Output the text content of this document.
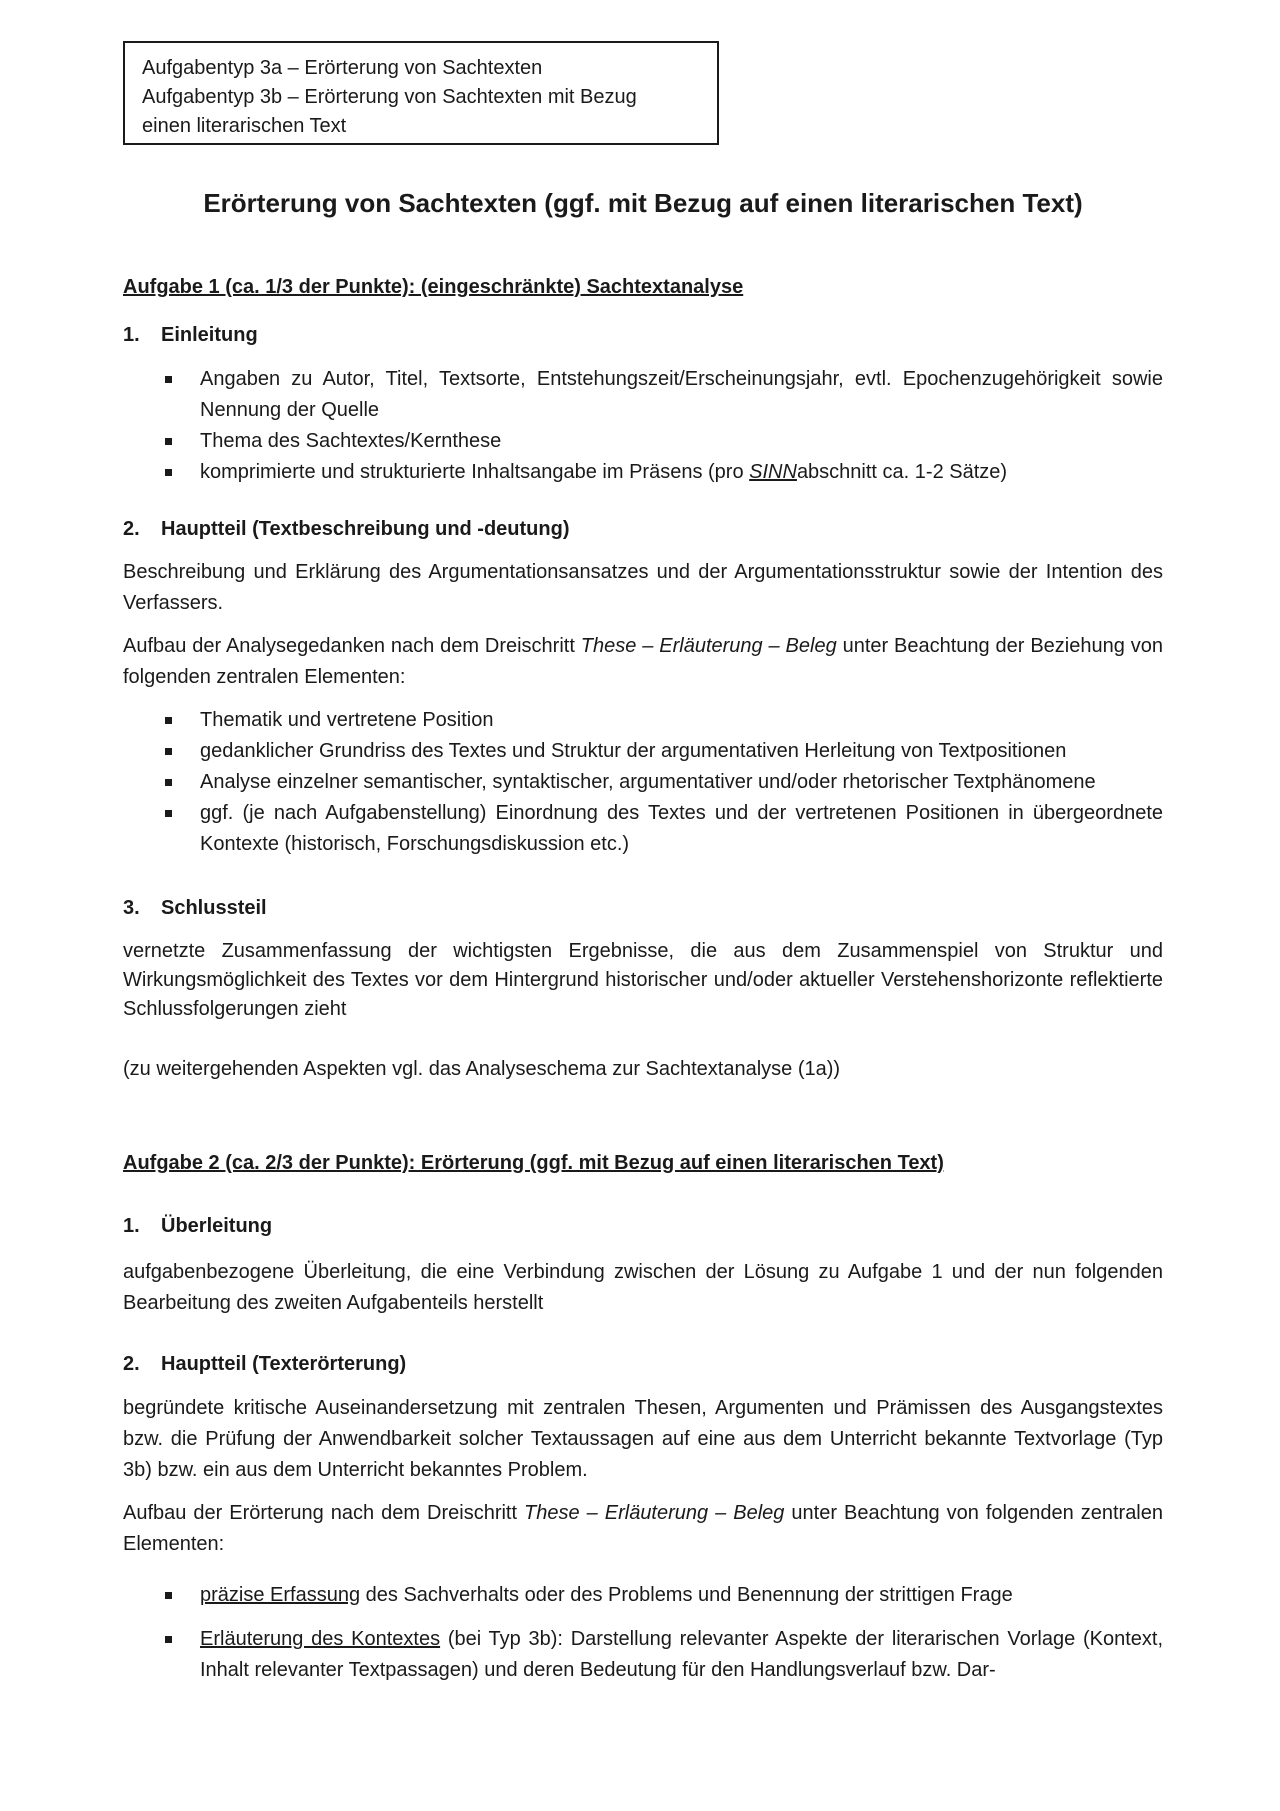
Aufgabentyp 3a – Erörterung von Sachtexten
Aufgabentyp 3b – Erörterung von Sachtexten mit Bezug
einen literarischen Text
Erörterung von Sachtexten (ggf. mit Bezug auf einen literarischen Text)

Aufgabe 1 (ca. 1/3 der Punkte): (eingeschränkte) Sachtextanalyse

1.	Einleitung
Angaben zu Autor, Titel, Textsorte, Entstehungszeit/Erscheinungsjahr, evtl. Epochenzugehörigkeit sowie Nennung der Quelle
Thema des Sachtextes/Kernthese
komprimierte und strukturierte Inhaltsangabe im Präsens (pro SINNabschnitt ca. 1-2 Sätze)
2.	Hauptteil (Textbeschreibung und -deutung)

Beschreibung und Erklärung des Argumentationsansatzes und der Argumentationsstruktur sowie der Intention des Verfassers.

Aufbau der Analysegedanken nach dem Dreischritt These – Erläuterung – Beleg unter Beachtung der Beziehung von folgenden zentralen Elementen:

Thematik und vertretene Position
gedanklicher Grundriss des Textes und Struktur der argumentativen Herleitung von Textpositionen
Analyse einzelner semantischer, syntaktischer, argumentativer und/oder rhetorischer Textphänomene
ggf. (je nach Aufgabenstellung) Einordnung des Textes und der vertretenen Positionen in übergeordnete Kontexte (historisch, Forschungsdiskussion etc.)
3.	Schlussteil

vernetzte Zusammenfassung der wichtigsten Ergebnisse, die aus dem Zusammenspiel von Struktur und Wirkungsmöglichkeit des Textes vor dem Hintergrund historischer und/oder aktueller Verstehenshorizonte reflektierte Schlussfolgerungen zieht

(zu weitergehenden Aspekten vgl. das Analyseschema zur Sachtextanalyse (1a))

Aufgabe 2 (ca. 2/3 der Punkte): Erörterung (ggf. mit Bezug auf einen literarischen Text)

1.	Überleitung

aufgabenbezogene Überleitung, die eine Verbindung zwischen der Lösung zu Aufgabe 1 und der nun folgenden Bearbeitung des zweiten Aufgabenteils herstellt

2.	Hauptteil (Texterörterung)

begründete kritische Auseinandersetzung mit zentralen Thesen, Argumenten und Prämissen des Ausgangstextes bzw. die Prüfung der Anwendbarkeit solcher Textaussagen auf eine aus dem Unterricht bekannte Textvorlage (Typ 3b) bzw. ein aus dem Unterricht bekanntes Problem.

Aufbau der Erörterung nach dem Dreischritt These – Erläuterung – Beleg unter Beachtung von folgenden zentralen Elementen:

präzise Erfassung des Sachverhalts oder des Problems und Benennung der strittigen Frage
Erläuterung des Kontextes (bei Typ 3b): Darstellung relevanter Aspekte der literarischen Vorlage (Kontext, Inhalt relevanter Textpassagen) und deren Bedeutung für den Handlungsverlauf bzw. Dar-
